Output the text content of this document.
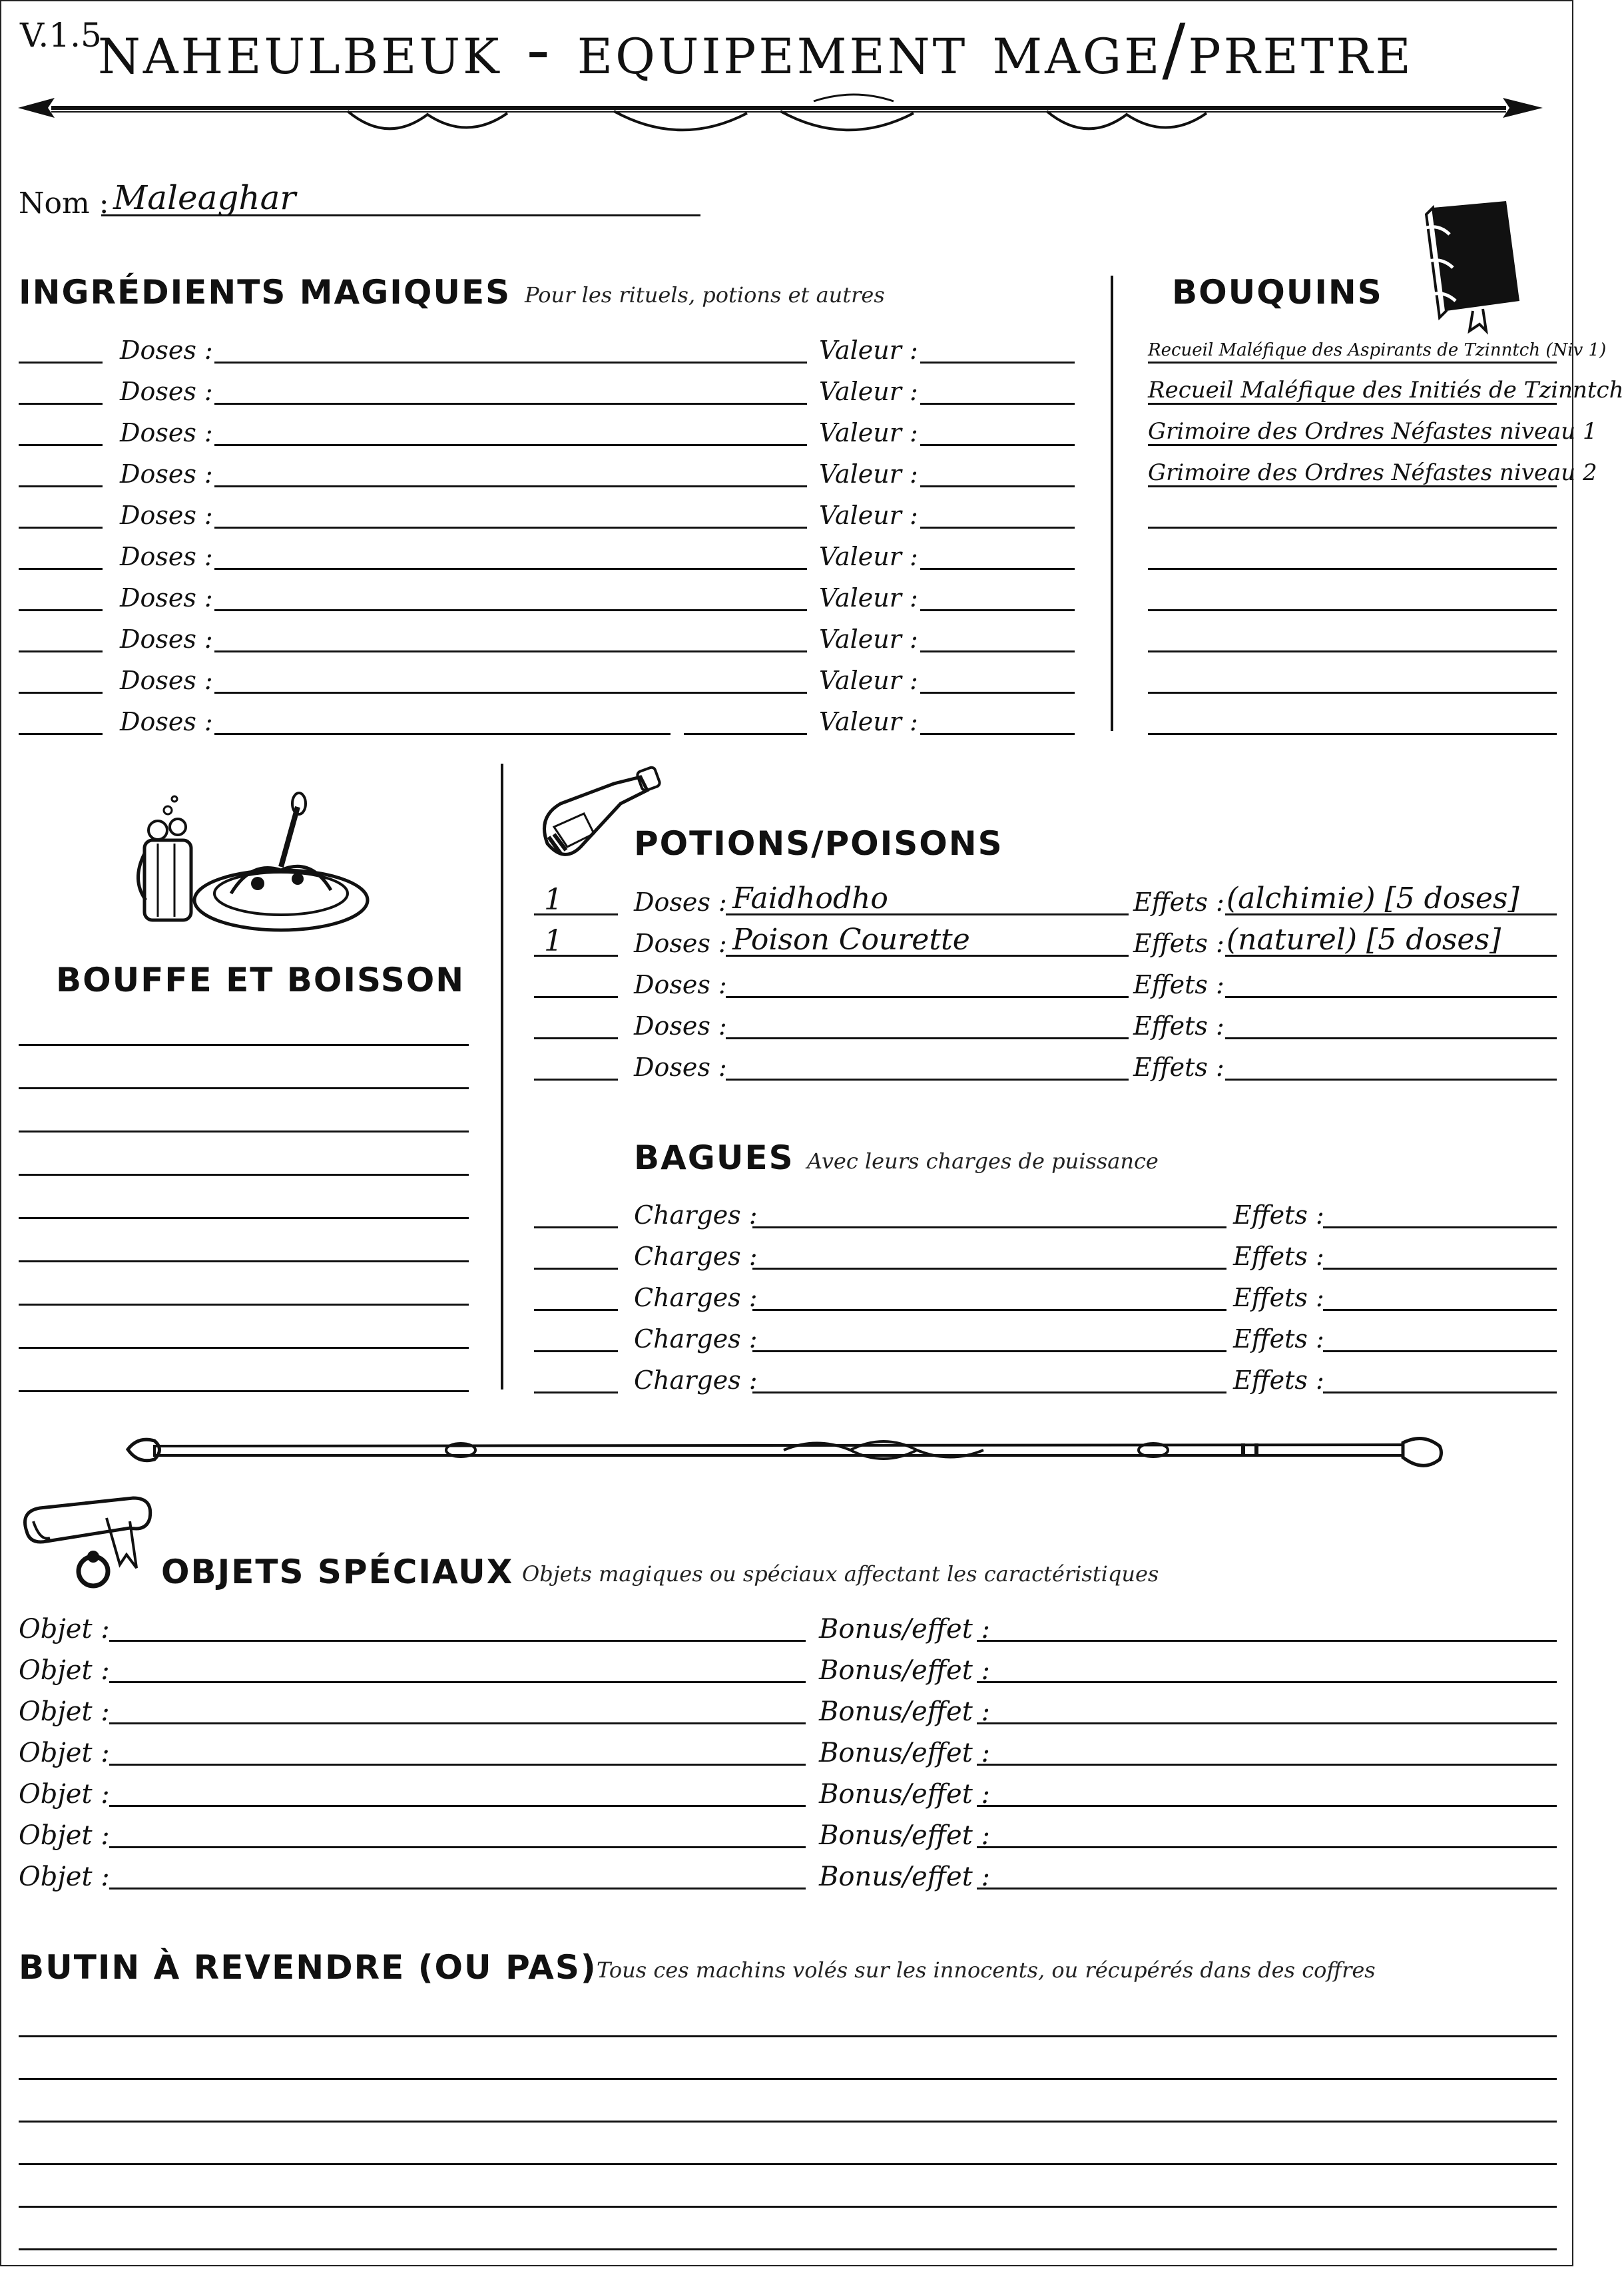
V.1.5
naheulbeuk - equipement mage/pretre
Nom : Maleaghar
INGRÉDIENTS MAGIQUES Pour les rituels, potions et autres
Doses :	Valeur :
Doses :	Valeur :
Doses :	Valeur :
Doses :	Valeur :
Doses :	Valeur :
Doses :	Valeur :
Doses :	Valeur :
Doses :	Valeur :
Doses :	Valeur :
Doses :	Valeur :
BOUQUINS
Recueil Maléfique des Aspirants de Tzinntch (Niv 1)
Recueil Maléfique des Initiés de Tzinntch
Grimoire des Ordres Néfastes niveau 1
Grimoire des Ordres Néfastes niveau 2
BOUFFE ET BOISSON
POTIONS/POISONS
1	Doses : Faidhodho	Effets : (alchimie) [5 doses]
1	Doses : Poison Courette	Effets : (naturel) [5 doses]
Doses :	Effets :
Doses :	Effets :
Doses :	Effets :
BAGUES Avec leurs charges de puissance
Charges :	Effets :
Charges :	Effets :
Charges :	Effets :
Charges :	Effets :
Charges :	Effets :
OBJETS SPÉCIAUX Objets magiques ou spéciaux affectant les caractéristiques
Objet :	Bonus/effet :
Objet :	Bonus/effet :
Objet :	Bonus/effet :
Objet :	Bonus/effet :
Objet :	Bonus/effet :
Objet :	Bonus/effet :
Objet :	Bonus/effet :
BUTIN À REVENDRE (OU PAS) Tous ces machins volés sur les innocents, ou récupérés dans des coffres
